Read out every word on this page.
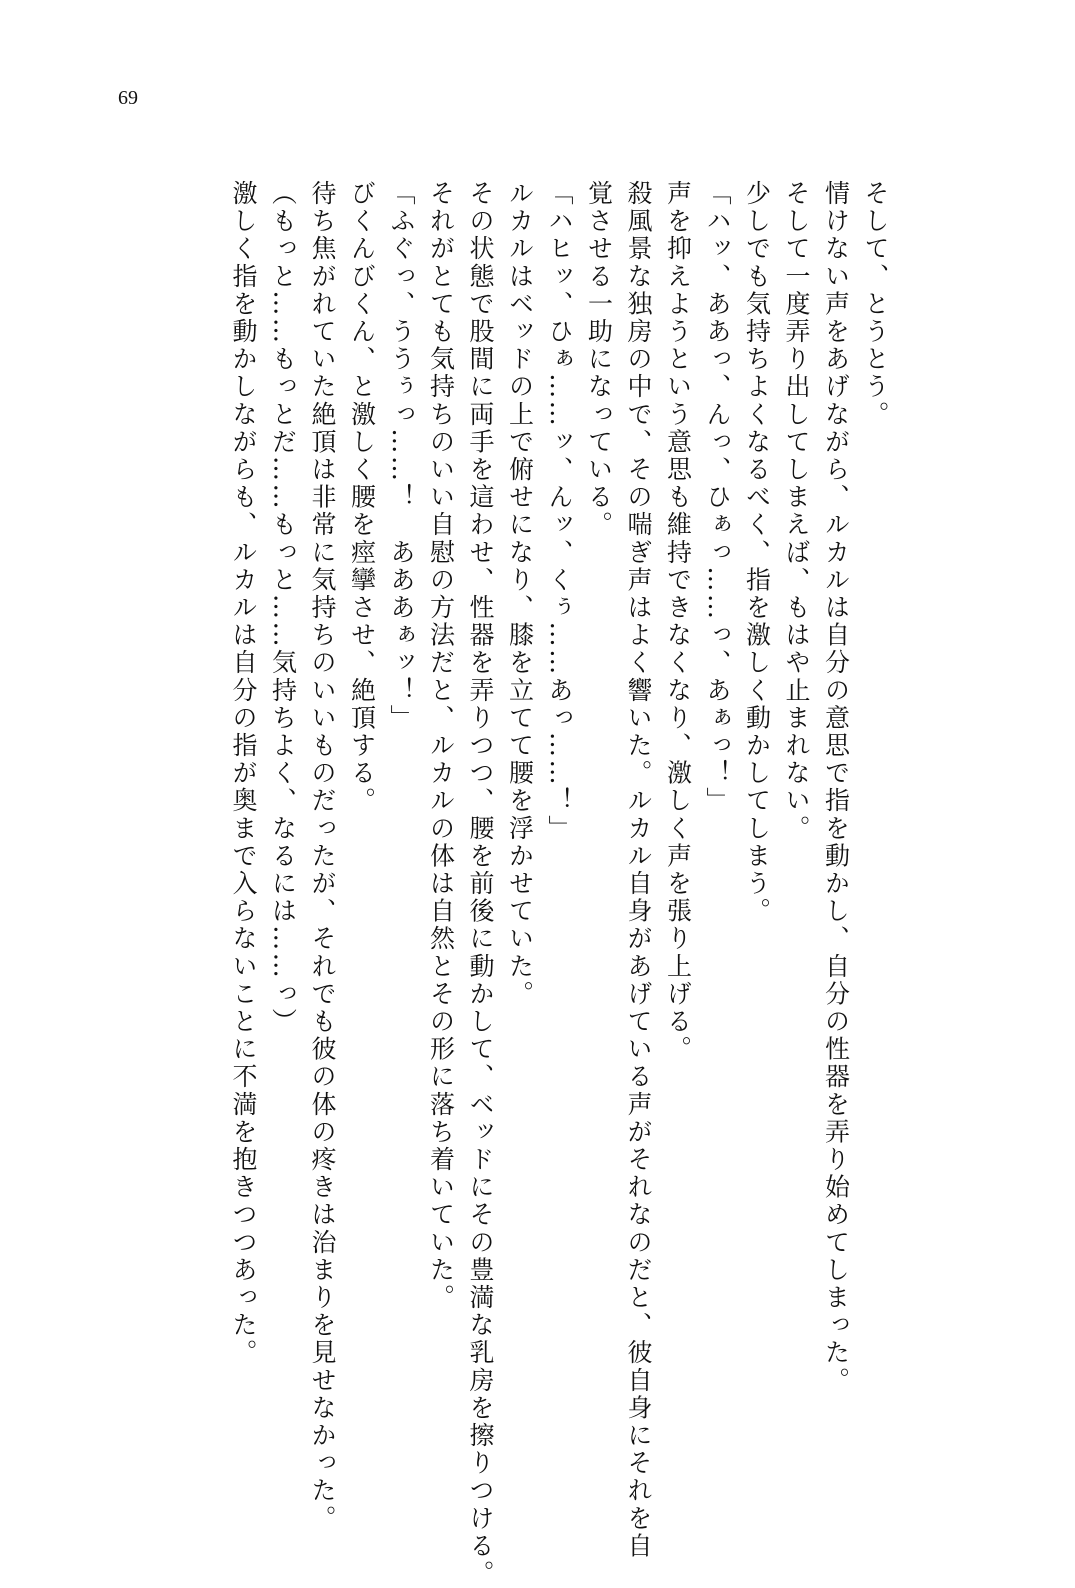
69
そして、とうとう。
情けない声をあげながら、ルカルは自分の意思で指を動かし、自分の性器を弄り始めてしまった。
そして一度弄り出してしまえば、もはや止まれない。
少しでも気持ちよくなるべく、指を激しく動かしてしまう。
「ハッ、ああっ、んっ、ひぁっ……っ、あぁっ！」
声を抑えようという意思も維持できなくなり、激しく声を張り上げる。
殺風景な独房の中で、その喘ぎ声はよく響いた。ルカル自身があげている声がそれなのだと、彼自身にそれを自
覚させる一助になっている。
「ハヒッ、ひぁ……ッ、んッ、くぅ……あっ……！」
ルカルはベッドの上で俯せになり、膝を立てて腰を浮かせていた。
その状態で股間に両手を這わせ、性器を弄りつつ、腰を前後に動かして、ベッドにその豊満な乳房を擦りつける。
それがとても気持ちのいい自慰の方法だと、ルカルの体は自然とその形に落ち着いていた。
「ふぐっ、ううぅっ……！　あああぁッ！」
びくんびくん、と激しく腰を痙攣させ、絶頂する。
待ち焦がれていた絶頂は非常に気持ちのいいものだったが、それでも彼の体の疼きは治まりを見せなかった。
（もっと……もっとだ……もっと……気持ちよく、なるには……っ）
激しく指を動かしながらも、ルカルは自分の指が奥まで入らないことに不満を抱きつつあった。
